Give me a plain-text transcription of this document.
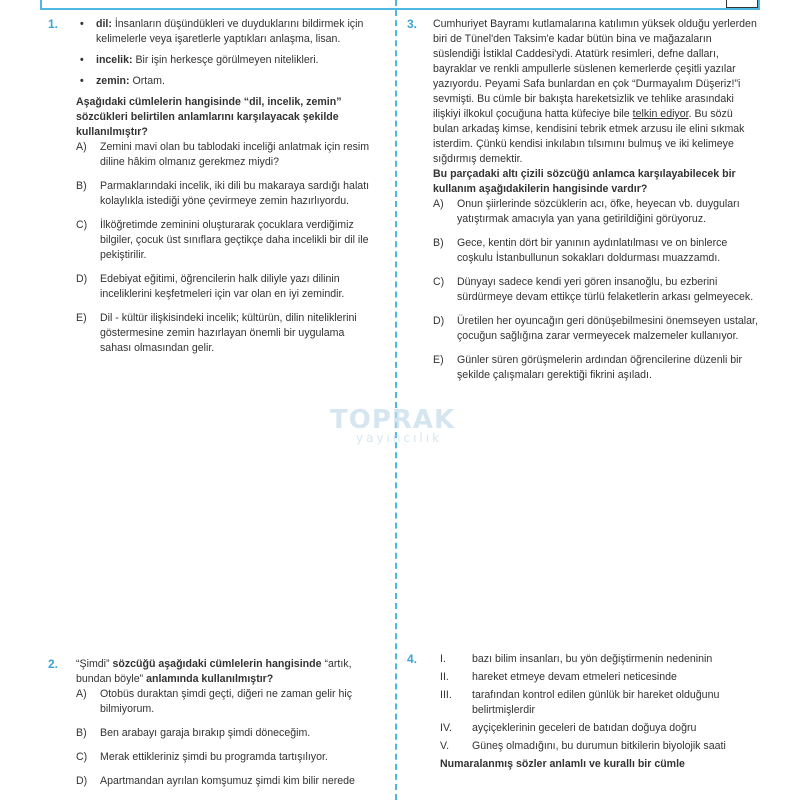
TOPRAK
yayıncılık
1. •	dil: İnsanların düşündükleri ve duyduklarını bildirmek için kelimelerle veya işaretlerle yaptıkları anlaşma, lisan.
•	incelik: Bir işin herkesçe görülmeyen nitelikleri.
•	zemin: Ortam.

Aşağıdaki cümlelerin hangisinde “dil, incelik, zemin” sözcükleri belirtilen anlamlarını karşılayacak şekilde kullanılmıştır?

A)	Zemini mavi olan bu tablodaki inceliği anlatmak için resim diline hâkim olmanız gerekmez miydi?
B)	Parmaklarındaki incelik, iki dili bu makaraya sardığı halatı kolaylıkla istediği yöne çevirmeye zemin hazırlıyordu.
C)	İlköğretimde zeminini oluşturarak çocuklara verdiğimiz bilgiler, çocuk üst sınıflara geçtikçe daha incelikli bir dil ile pekiştirilir.
D)	Edebiyat eğitimi, öğrencilerin halk diliyle yazı dilinin inceliklerini keşfetmeleri için var olan en iyi zemindir.
E)	Dil - kültür ilişkisindeki incelik; kültürün, dilin niteliklerini göstermesine zemin hazırlayan önemli bir uygulama sahası olmasından gelir.
2. “Şimdi” sözcüğü aşağıdaki cümlelerin hangisinde “artık, bundan böyle” anlamında kullanılmıştır?

A)	Otobüs duraktan şimdi geçti, diğeri ne zaman gelir hiç bilmiyorum.
B)	Ben arabayı garaja bırakıp şimdi döneceğim.
C)	Merak ettikleriniz şimdi bu programda tartışılıyor.
D)	Apartmandan ayrılan komşumuz şimdi kim bilir nerede
3. Cumhuriyet Bayramı kutlamalarına katılımın yüksek olduğu yerlerden biri de Tünel'den Taksim'e kadar bütün bina ve mağazaların süslendiği İstiklal Caddesi'ydi. Atatürk resimleri, defne dalları, bayraklar ve renkli ampullerle süslenen kemerlerde çeşitli yazılar yazıyordu. Peyami Safa bunlardan en çok “Durmayalım Düşeriz!”i sevmişti. Bu cümle bir bakışta hareketsizlik ve tehlike arasındaki ilişkiyi ilkokul çocuğuna hatta küfeciye bile telkin ediyor. Bu sözü bulan arkadaş kimse, kendisini tebrik etmek arzusu ile elini sıkmak isterdim. Çünkü kendisi inkılabın tılsımını bulmuş ve iki kelimeye sığdırmış demektir.

Bu parçadaki altı çizili sözcüğü anlamca karşılayabilecek bir kullanım aşağıdakilerin hangisinde vardır?

A)	Onun şiirlerinde sözcüklerin acı, öfke, heyecan vb. duyguları yatıştırmak amacıyla yan yana getirildiğini görüyoruz.
B)	Gece, kentin dört bir yanının aydınlatılması ve on binlerce coşkulu İstanbullunun sokakları doldurması muazzamdı.
C)	Dünyayı sadece kendi yeri gören insanoğlu, bu ezberini sürdürmeye devam ettikçe türlü felaketlerin arkası gelmeyecek.
D)	Üretilen her oyuncağın geri dönüşebilmesini önemseyen ustalar, çocuğun sağlığına zarar vermeyecek malzemeler kullanıyor.
E)	Günler süren görüşmelerin ardından öğrencilerine düzenli bir şekilde çalışmaları gerektiği fikrini aşıladı.
4. I.	bazı bilim insanları, bu yön değiştirmenin nedeninin
II.	hareket etmeye devam etmeleri neticesinde
III.	tarafından kontrol edilen günlük bir hareket olduğunu belirtmişlerdir
IV.	ayçiçeklerinin geceleri de batıdan doğuya doğru
V.	Güneş olmadığını, bu durumun bitkilerin biyolojik saati

Numaralanmış sözler anlamlı ve kurallı bir cümle
